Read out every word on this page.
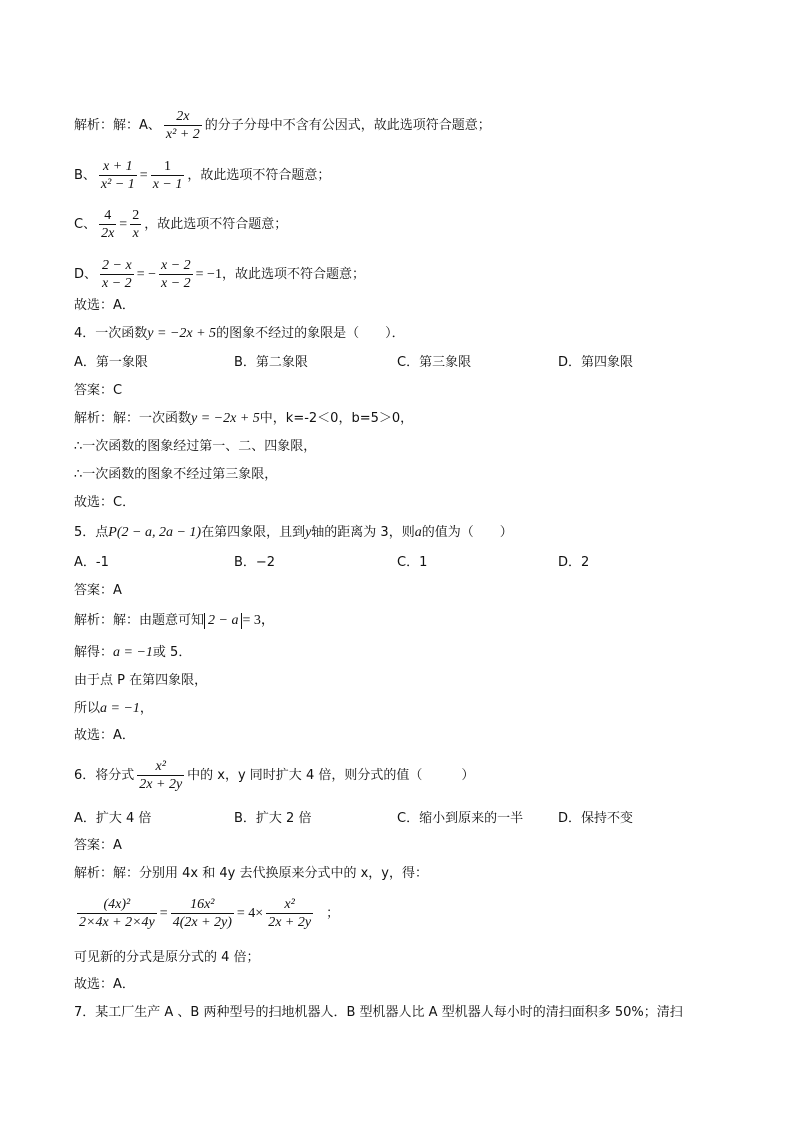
解析：解：A、 $\frac{2x}{\text{x² + 2}}$ 的分子分母中不含有公因式，故此选项符合题意；
B、 $\frac{x + 1}{\text{x² − 1}} = \frac{1}{x - 1}$ ，故此选项不符合题意；
C、 $\frac{4}{2x} = \frac{2}{x}$ ，故此选项不符合题意；
D、 $\frac{2 - x}{x - 2}$ = − $\frac{x - 2}{x - 2} = -1$，故此选项不符合题意；
故选：A．
4．一次函数y = −2x + 5的图象不经过的象限是（　　）．
A．第一象限	B．第二象限	C．第三象限	D．第四象限
答案：C
解析：解：一次函数y = −2x + 5中，k=-2＜0，b=5＞0，
∴一次函数的图象经过第一、二、四象限，
∴一次函数的图象不经过第三象限，
故选：C．
5．点P(2 − a, 2a − 1)在第四象限，且到y轴的距离为 3，则a的值为（　　）
A．-1	B．−2	C．1	D．2
答案：A
解析：解：由题意可知 2 − a = 3，
解得：a = −1或 5．
由于点 P 在第四象限，
所以a = −1，
故选：A．
6．将分式 $\frac{\text{x²}}{2x + 2y}$ 中的 x，y 同时扩大 4 倍，则分式的值（　　　）
A．扩大 4 倍	B．扩大 2 倍	C．缩小到原来的一半	D．保持不变
答案：A
解析：解：分别用 4x 和 4y 去代换原来分式中的 x，y，得：
$\frac{\text{(4x)²}}{2\times 4x + 2\times 4y} = \frac{\text{16x²}}{4(2x + 2y)} = 4\times \frac{\text{x²}}{2x + 2y}$ ；
可见新的分式是原分式的 4 倍；
故选：A．
7．某工厂生产 A 、B 两种型号的扫地机器人．B 型机器人比 A 型机器人每小时的清扫面积多 50%；清扫
